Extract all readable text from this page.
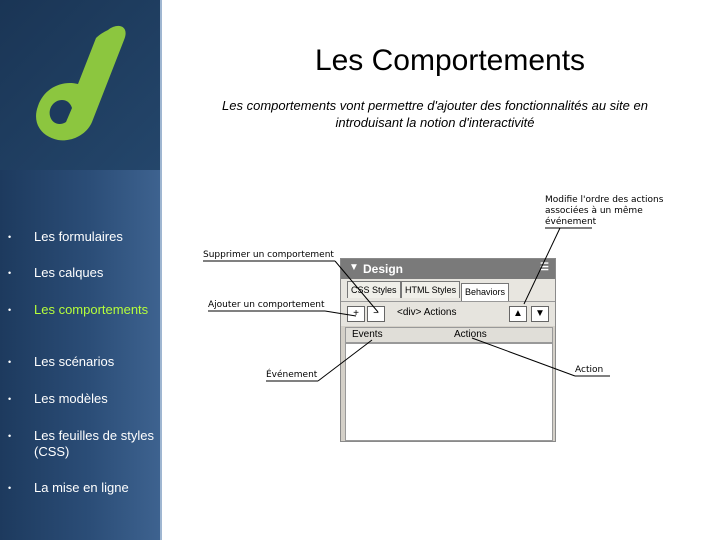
• Les formulaires
• Les calques
• Les comportements
• Les scénarios
• Les modèles
• Les feuilles de styles (CSS)
• La mise en ligne
Les Comportements
Les comportements vont permettre d'ajouter des fonctionnalités au site en introduisant la notion d'interactivité
Modifie l'ordre des actions associées à un même événement
Supprimer un comportement
Ajouter un comportement
Événement	Action
▼ Design	☰
CSS Styles HTML Styles Behaviors
+	−	<div> Actions	▲	▼
Events	Actions
